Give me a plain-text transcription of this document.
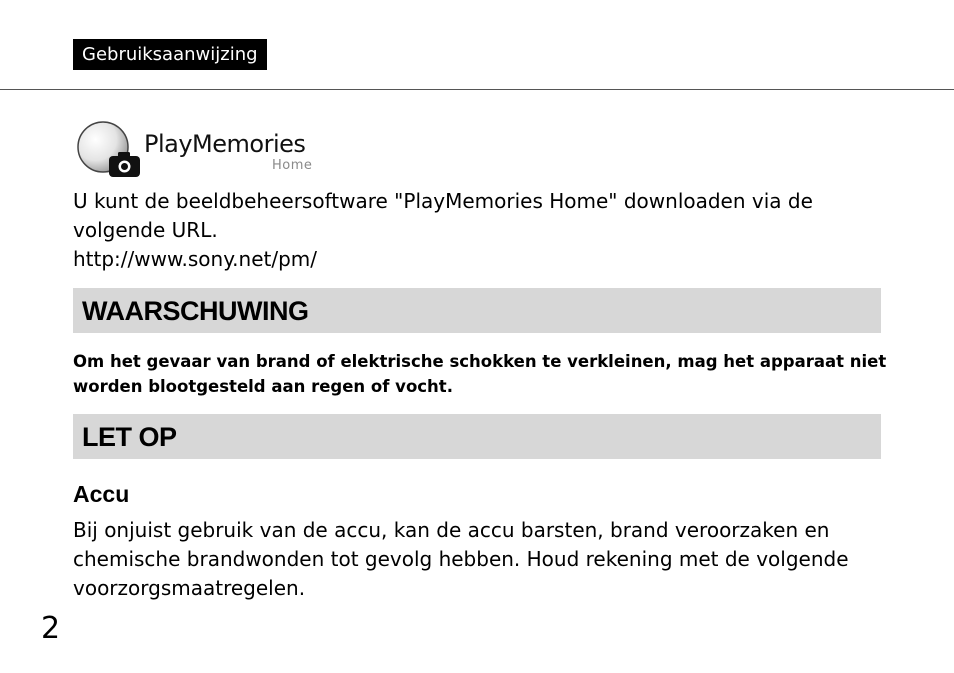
Gebruiksaanwijzing
PlayMemories
Home

U kunt de beeldbeheersoftware "PlayMemories Home" downloaden via de volgende URL.

http://www.sony.net/pm/

WAARSCHUWING

Om het gevaar van brand of elektrische schokken te verkleinen, mag het apparaat niet worden blootgesteld aan regen of vocht.

LET OP
Accu

Bij onjuist gebruik van de accu, kan de accu barsten, brand veroorzaken en chemische brandwonden tot gevolg hebben. Houd rekening met de volgende voorzorgsmaatregelen.

2
